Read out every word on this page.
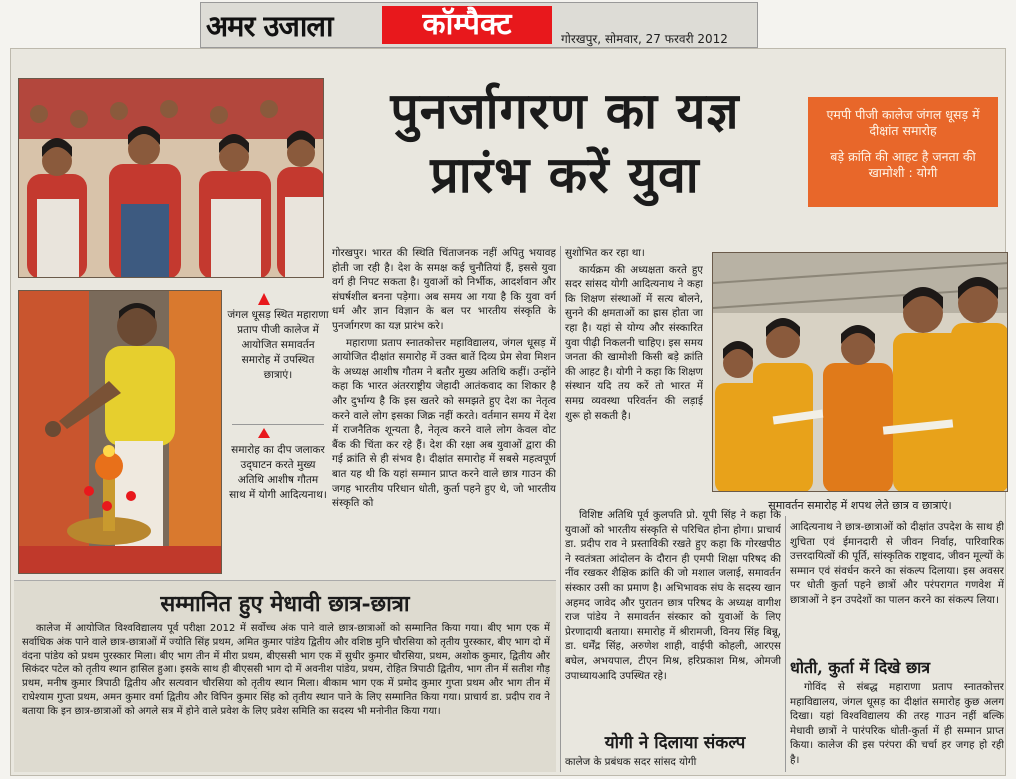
अमर उजाला	कॉम्पैक्ट	गोरखपुर, सोमवार, 27 फरवरी 2012
जंगल धूसड़ स्थित महाराणा प्रताप पीजी कालेज में आयोजित समावर्तन समारोह में उपस्थित छात्राएं।
समारोह का दीप जलाकर उद्‌घाटन करते मुख्य अतिथि आशीष गौतम साथ में योगी आदित्यनाथ।
पुनर्जागरण का यज्ञ
प्रारंभ करें युवा
एमपी पीजी कालेज जंगल धूसड़ में दीक्षांत समारोह
बड़े क्रांति की आहट है जनता की खामोशी : योगी

गोरखपुर। भारत की स्थिति चिंताजनक नहीं अपितु भयावह होती जा रही है। देश के समक्ष कई चुनौतियां हैं, इससे युवा वर्ग ही निपट सकता है। युवाओं को निर्भीक, आदर्शवान और संघर्षशील बनना पड़ेगा। अब समय आ गया है कि युवा वर्ग धर्म और ज्ञान विज्ञान के बल पर भारतीय संस्कृति के पुनर्जागरण का यज्ञ प्रारंभ करे।

महाराणा प्रताप स्नातकोत्तर महाविद्यालय, जंगल धूसड़ में आयोजित दीक्षांत समारोह में उक्त बातें दिव्य प्रेम सेवा मिशन के अध्यक्ष आशीष गौतम ने बतौर मुख्य अतिथि कहीं। उन्होंने कहा कि भारत अंतरराष्ट्रीय जेहादी आतंकवाद का शिकार है और दुर्भाग्य है कि इस खतरे को समझते हुए देश का नेतृत्व करने वाले लोग इसका जिक्र नहीं करते। वर्तमान समय में देश में राजनैतिक शून्यता है, नेतृत्व करने वाले लोग केवल वोट बैंक की चिंता कर रहे हैं। देश की रक्षा अब युवाओं द्वारा की गई क्रांति से ही संभव है। दीक्षांत समारोह में सबसे महत्वपूर्ण बात यह थी कि यहां सम्मान प्राप्त करने वाले छात्र गाउन की जगह भारतीय परिधान धोती, कुर्ता पहने हुए थे, जो भारतीय संस्कृति को

सुशोभित कर रहा था।

कार्यक्रम की अध्यक्षता करते हुए सदर सांसद योगी आदित्यनाथ ने कहा कि शिक्षण संस्थाओं में सत्य बोलने, सुनने की क्षमताओं का ह्रास होता जा रहा है। यहां से योग्य और संस्कारित युवा पीढ़ी निकलनी चाहिए। इस समय जनता की खामोशी किसी बड़े क्रांति की आहट है। योगी ने कहा कि शिक्षण संस्थान यदि तय करें तो भारत में समग्र व्यवस्था परिवर्तन की लड़ाई शुरू हो सकती है।

विशिष्ट अतिथि पूर्व कुलपति प्रो. यूपी सिंह ने कहा कि युवाओं को भारतीय संस्कृति से परिचित होना होगा। प्राचार्य डा. प्रदीप राव ने प्रस्ताविकी रखते हुए कहा कि गोरखपीठ ने स्वतंत्रता आंदोलन के दौरान ही एमपी शिक्षा परिषद की नींव रखकर शैक्षिक क्रांति की जो मशाल जलाई, समावर्तन संस्कार उसी का प्रमाण है। अभिभावक संघ के सदस्य खान अहमद जावेद और पुरातन छात्र परिषद के अध्यक्ष वागीश राज पांडेय ने समावर्तन संस्कार को युवाओं के लिए प्रेरणादायी बताया। समारोह में श्रीरामजी, विनय सिंह बिन्नू, डा. धर्मेंद्र सिंह, अरुणेश शाही, वाईपी कोहली, आरएस बघेल, अभयपाल, टीएन मिश्र, हरिप्रकाश मिश्र, ओमजी उपाध्यायआदि उपस्थित रहे।

योगी ने दिलाया संकल्प
कालेज के प्रबंधक सदर सांसद योगी
समावर्तन समारोह में शपथ लेते छात्र व छात्राएं।

आदित्यनाथ ने छात्र-छात्राओं को दीक्षांत उपदेश के साथ ही शुचिता एवं ईमानदारी से जीवन निर्वाह, पारिवारिक उत्तरदायित्वों की पूर्ति, सांस्कृतिक राष्ट्रवाद, जीवन मूल्यों के सम्मान एवं संवर्धन करने का संकल्प दिलाया। इस अवसर पर धोती कुर्ता पहने छात्रों और परंपरागत गणवेश में छात्राओं ने इन उपदेशों का पालन करने का संकल्प लिया।

धोती, कुर्ता में दिखे छात्र
गोविंद से संबद्ध महाराणा प्रताप स्नातकोत्तर महाविद्यालय, जंगल धूसड़ का दीक्षांत समारोह कुछ अलग दिखा। यहां विश्वविद्यालय की तरह गाउन नहीं बल्कि मेधावी छात्रों ने पारंपरिक धोती-कुर्ता में ही सम्मान प्राप्त किया। कालेज की इस परंपरा की चर्चा हर जगह हो रही है।
सम्मानित हुए मेधावी छात्र-छात्रा
कालेज में आयोजित विश्वविद्यालय पूर्व परीक्षा 2012 में सर्वोच्च अंक पाने वाले छात्र-छात्राओं को सम्मानित किया गया। बीए भाग एक में सर्वाधिक अंक पाने वाले छात्र-छात्राओं में ज्योति सिंह प्रथम, अमित कुमार पांडेय द्वितीय और वशिष्ठ मुनि चौरसिया को तृतीय पुरस्कार, बीए भाग दो में वंदना पांडेय को प्रथम पुरस्कार मिला। बीए भाग तीन में मीरा प्रथम, बीएससी भाग एक में सुधीर कुमार चौरसिया, प्रथम, अशोक कुमार, द्वितीय और सिकंदर पटेल को तृतीय स्थान हासिल हुआ। इसके साथ ही बीएससी भाग दो में अवनीश पांडेय, प्रथम, रोहित त्रिपाठी द्वितीय, भाग तीन में सतीश गौड़ प्रथम, मनीष कुमार त्रिपाठी द्वितीय और सत्यवान चौरसिया को तृतीय स्थान मिला। बीकाम भाग एक में प्रमोद कुमार गुप्ता प्रथम और भाग तीन में राधेश्याम गुप्ता प्रथम, अमन कुमार वर्मा द्वितीय और विपिन कुमार सिंह को तृतीय स्थान पाने के लिए सम्मानित किया गया। प्राचार्य डा. प्रदीप राव ने बताया कि इन छात्र-छात्राओं को अगले सत्र में होने वाले प्रवेश के लिए प्रवेश समिति का सदस्य भी मनोनीत किया गया।
